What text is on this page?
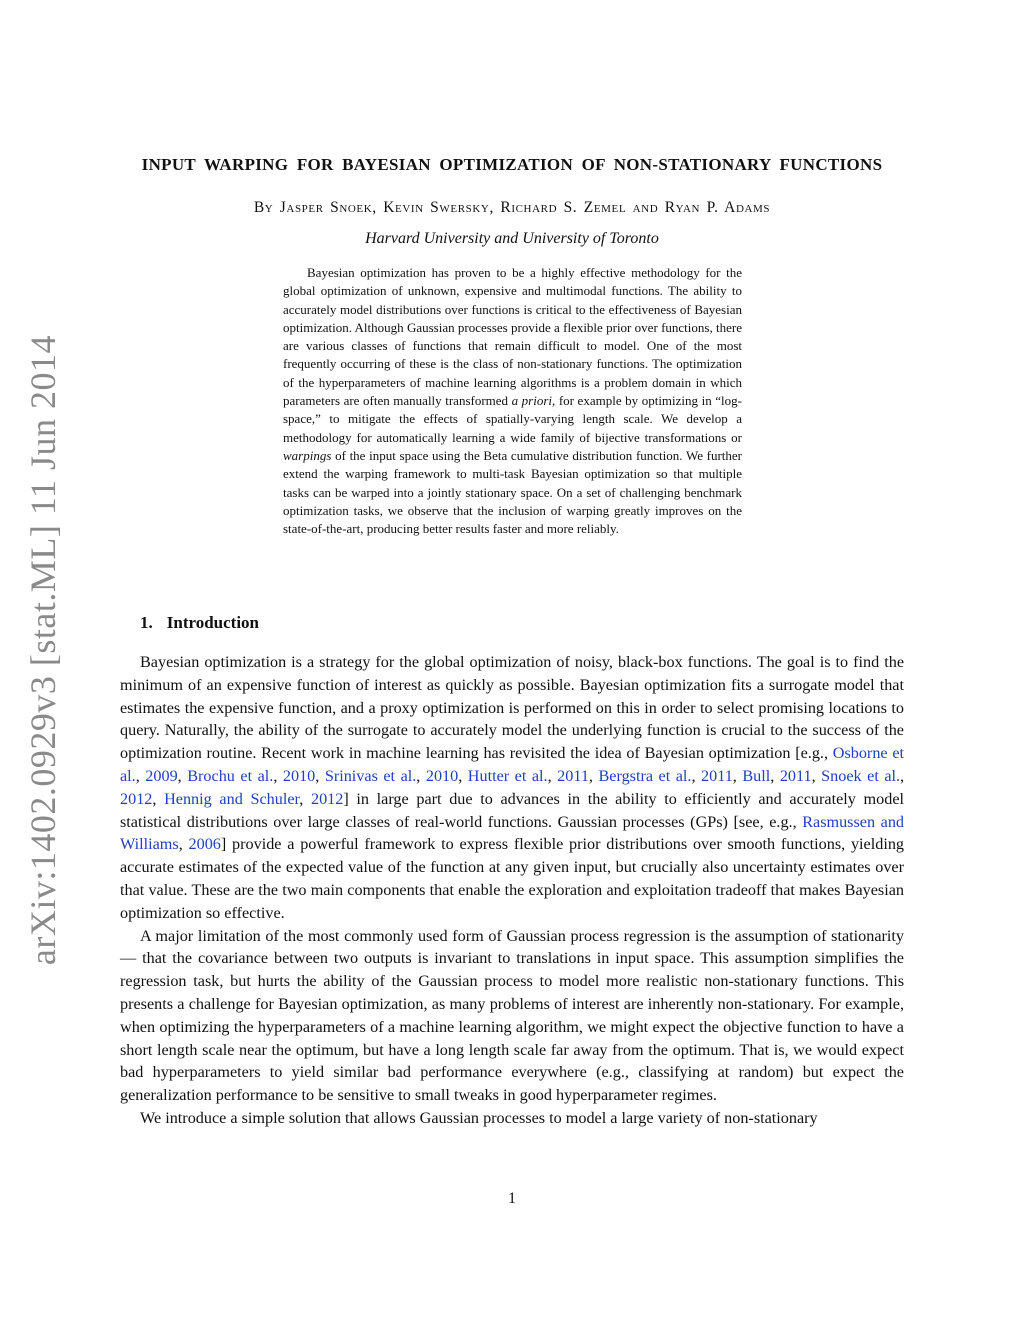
arXiv:1402.0929v3 [stat.ML] 11 Jun 2014
INPUT WARPING FOR BAYESIAN OPTIMIZATION OF NON-STATIONARY FUNCTIONS
By Jasper Snoek, Kevin Swersky, Richard S. Zemel and Ryan P. Adams
Harvard University and University of Toronto

Bayesian optimization has proven to be a highly effective methodology for the global optimization of unknown, expensive and multimodal functions. The ability to accurately model distributions over functions is critical to the effectiveness of Bayesian optimization. Although Gaussian processes provide a flexible prior over functions, there are various classes of functions that remain difficult to model. One of the most frequently occurring of these is the class of non-stationary functions. The optimization of the hyperparameters of machine learning algorithms is a problem domain in which parameters are often manually transformed a priori, for example by optimizing in “log-space,” to mitigate the effects of spatially-varying length scale. We develop a methodology for automatically learning a wide family of bijective transformations or warpings of the input space using the Beta cumulative distribution function. We further extend the warping framework to multi-task Bayesian optimization so that multiple tasks can be warped into a jointly stationary space. On a set of challenging benchmark optimization tasks, we observe that the inclusion of warping greatly improves on the state-of-the-art, producing better results faster and more reliably.

1. Introduction

Bayesian optimization is a strategy for the global optimization of noisy, black-box functions. The goal is to find the minimum of an expensive function of interest as quickly as possible. Bayesian optimization fits a surrogate model that estimates the expensive function, and a proxy optimization is performed on this in order to select promising locations to query. Naturally, the ability of the surrogate to accurately model the underlying function is crucial to the success of the optimization routine. Recent work in machine learning has revisited the idea of Bayesian optimization [e.g., Osborne et al., 2009, Brochu et al., 2010, Srinivas et al., 2010, Hutter et al., 2011, Bergstra et al., 2011, Bull, 2011, Snoek et al., 2012, Hennig and Schuler, 2012] in large part due to advances in the ability to efficiently and accurately model statistical distributions over large classes of real-world functions. Gaussian processes (GPs) [see, e.g., Rasmussen and Williams, 2006] provide a powerful framework to express flexible prior distributions over smooth functions, yielding accurate estimates of the expected value of the function at any given input, but crucially also uncertainty estimates over that value. These are the two main components that enable the exploration and exploitation tradeoff that makes Bayesian optimization so effective.

A major limitation of the most commonly used form of Gaussian process regression is the assumption of stationarity — that the covariance between two outputs is invariant to translations in input space. This assumption simplifies the regression task, but hurts the ability of the Gaussian process to model more realistic non-stationary functions. This presents a challenge for Bayesian optimization, as many problems of interest are inherently non-stationary. For example, when optimizing the hyperparameters of a machine learning algorithm, we might expect the objective function to have a short length scale near the optimum, but have a long length scale far away from the optimum. That is, we would expect bad hyperparameters to yield similar bad performance everywhere (e.g., classifying at random) but expect the generalization performance to be sensitive to small tweaks in good hyperparameter regimes.

We introduce a simple solution that allows Gaussian processes to model a large variety of non-stationary

1
